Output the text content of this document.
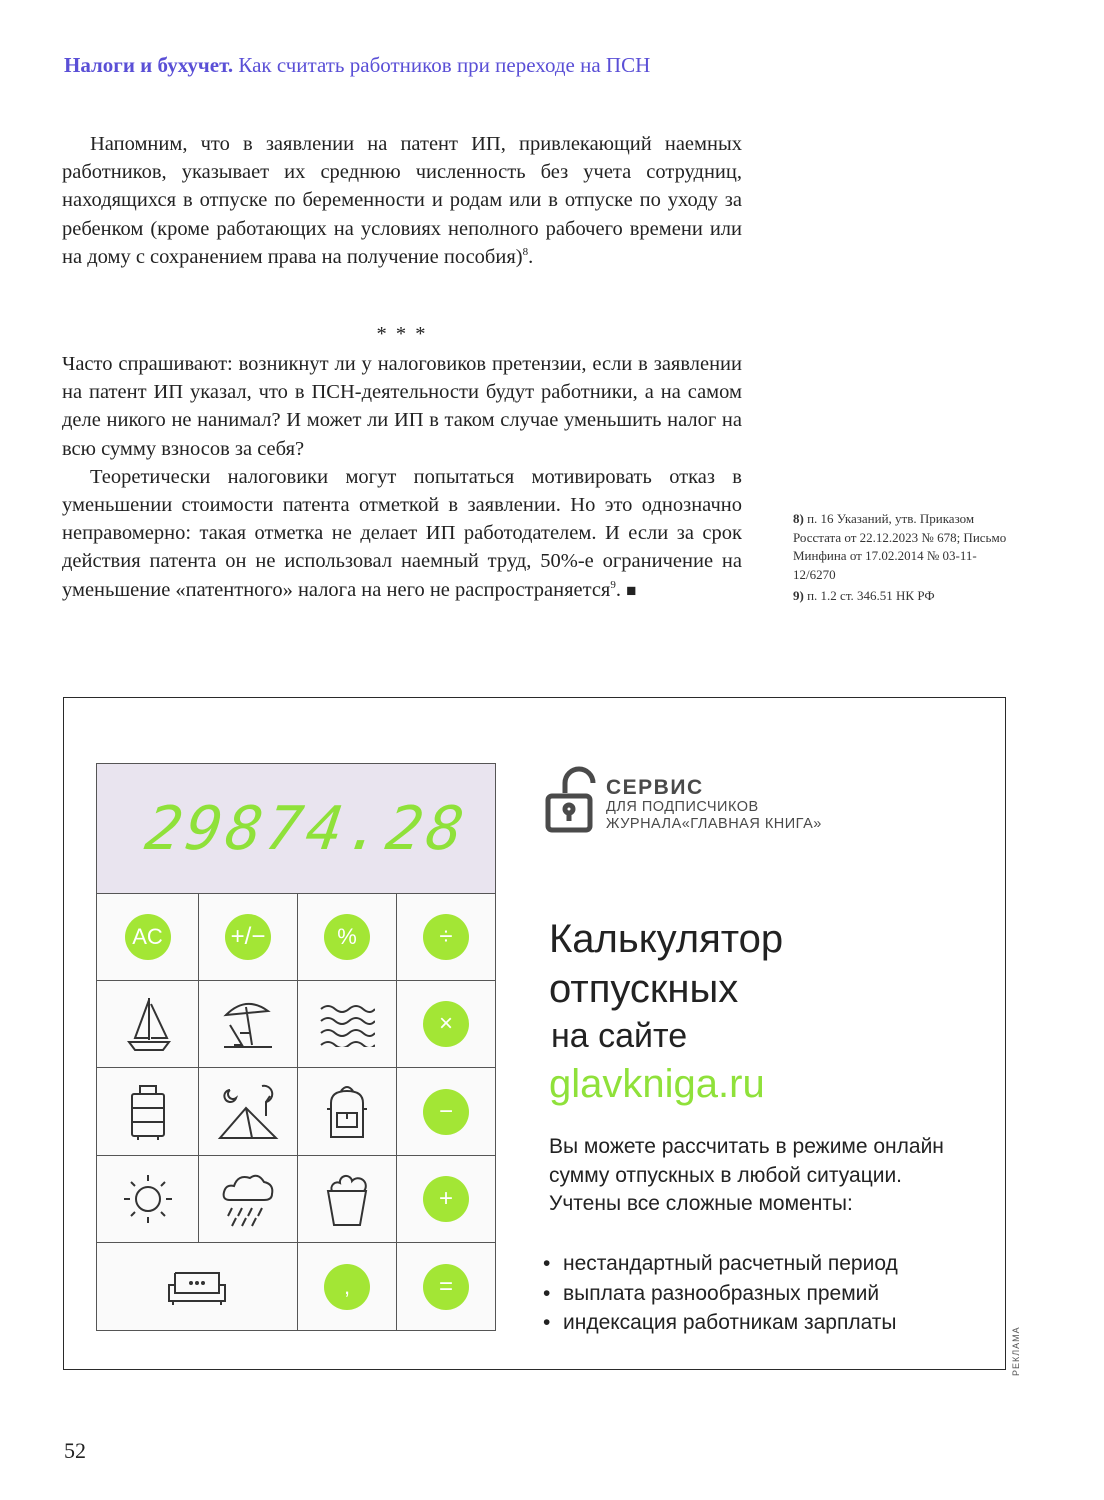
Налоги и бухучет. Как считать работников при переходе на ПСН

Напомним, что в заявлении на патент ИП, привлекающий наемных работников, указывает их среднюю численность без учета сотрудниц, находящихся в отпуске по беременности и родам или в отпуске по уходу за ребенком (кроме работающих на условиях неполного рабочего времени или на дому с сохранением права на получение пособия)$^8$.

* * *

Часто спрашивают: возникнут ли у налоговиков претензии, если в заявлении на патент ИП указал, что в ПСН-деятельности будут работники, а на самом деле никого не нанимал? И может ли ИП в таком случае уменьшить налог на всю сумму взносов за себя?

Теоретически налоговики могут попытаться мотивировать отказ в уменьшении стоимости патента отметкой в заявлении. Но это однозначно неправомерно: такая отметка не делает ИП работодателем. И если за срок действия патента он не использовал наемный труд, 50%-е ограничение на уменьшение «патентного» налога на него не распространяется$^9$. ■

8) п. 16 Указаний, утв. Приказом Росстата от 22.12.2023 № 678; Письмо Минфина от 17.02.2014 № 03-11-12/6270

9) п. 1.2 ст. 346.51 НК РФ

РЕКЛАМА
29874.28
AC	+/−	%	÷
×
−
+
,	=
СЕРВИС
ДЛЯ ПОДПИСЧИКОВ
ЖУРНАЛА«ГЛАВНАЯ КНИГА»
Калькулятор
отпускных
на сайте
glavkniga.ru
Вы можете рассчитать в режиме онлайн сумму отпускных в любой ситуации. Учтены все сложные моменты:
• нестандартный расчетный период
• выплата разнообразных премий
• индексация работникам зарплаты
52
